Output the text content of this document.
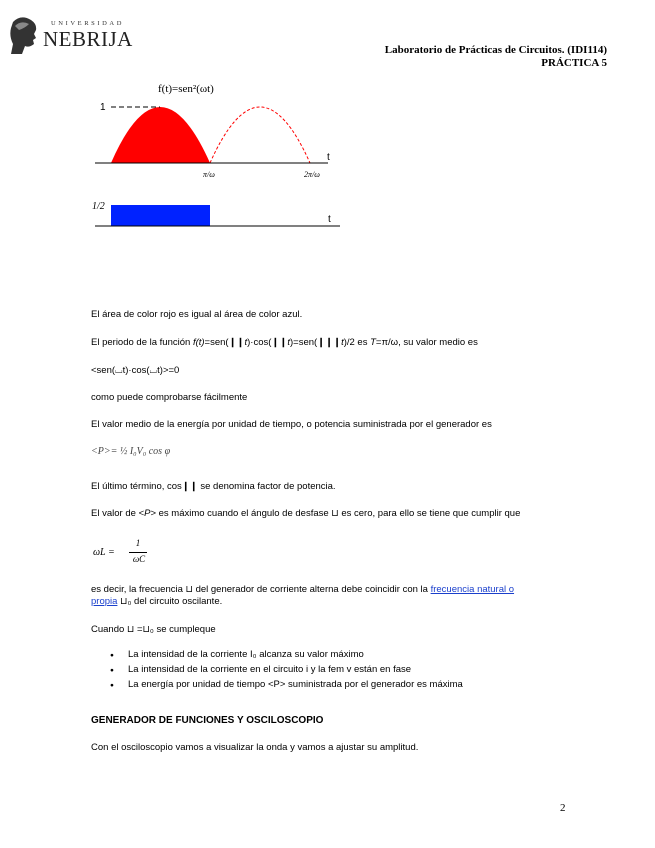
UNIVERSIDAD
NEBRIJA	Laboratorio de Prácticas de Circuitos. (IDI114)
PRÁCTICA 5
f(t)=sen²(ωt)
1
t
π/ω	2π/ω
1/2
t
El área de color rojo es igual al área de color azul.
El periodo de la función f(t)=sen(❙❙t)·cos(❙❙t)=sen(❙❙❙t)/2 es T=π/ω, su valor medio es
<sen(⌴t)·cos(⌴t)>=0
como puede comprobarse fácilmente
El valor medio de la energía por unidad de tiempo, o potencia suministrada por el generador es
<P>= ½ I₀V₀ cos φ
El último término, cos❙❙ se denomina factor de potencia.
El valor de <P> es máximo cuando el ángulo de desfase ⊔ es cero, para ello se tiene que cumplir que
ωL =
1
ωC
es decir, la frecuencia ⊔ del generador de corriente alterna debe coincidir con la frecuencia natural o
propia ⊔₀ del circuito oscilante.
Cuando ⊔ =⊔₀ se cumpleque
● La intensidad de la corriente I₀ alcanza su valor máximo
● La intensidad de la corriente en el circuito i y la fem v están en fase
● La energía por unidad de tiempo <P> suministrada por el generador es máxima
GENERADOR DE FUNCIONES Y OSCILOSCOPIO
Con el osciloscopio vamos a visualizar la onda y vamos a ajustar su amplitud.
2
